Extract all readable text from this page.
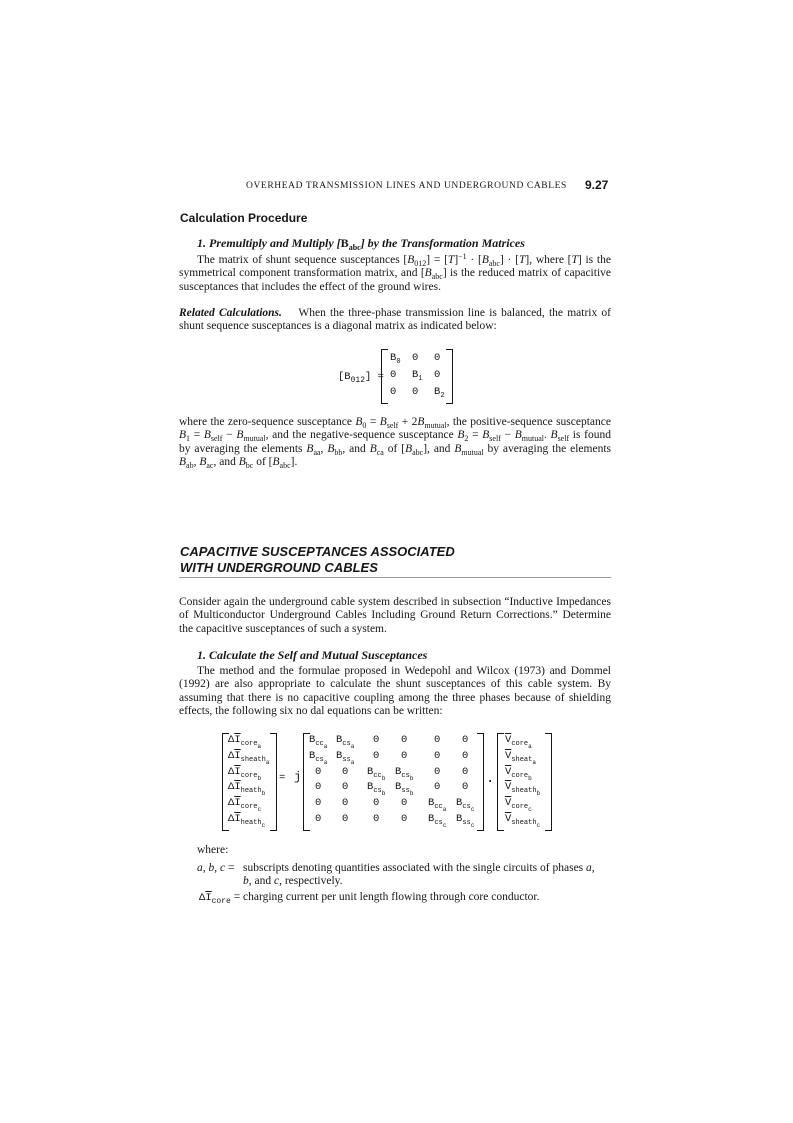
OVERHEAD TRANSMISSION LINES AND UNDERGROUND CABLES 9.27
Calculation Procedure
1. Premultiply and Multiply $[B_{abc}]$ by the Transformation Matrices
The matrix of shunt sequence susceptances $[B_{012}] = [T]^{-1} \cdot [B_{abc}] \cdot [T]$, where [T] is the symmetrical component transformation matrix, and $[B_{abc}]$ is the reduced matrix of capacitive susceptances that includes the effect of the ground wires.
Related Calculations. When the three-phase transmission line is balanced, the matrix of shunt sequence susceptances is a diagonal matrix as indicated below:
$[B_{012}]$ =
$B_0$ 0 0
0 $B_1$ 0
0 0 $B_2$
where the zero-sequence susceptance $B_0 = B_{self} + 2B_{mutual}$, the positive-sequence susceptance $B_1 = B_{self} - B_{mutual}$, and the negative-sequence susceptance $B_2 = B_{self} - B_{mutual}$. $B_{self}$ is found by averaging the elements $B_{aa}$, $B_{bb}$, and $B_{ca}$ of $[B_{abc}]$, and $B_{mutual}$ by averaging the elements $B_{ab}$, $B_{ac}$, and $B_{bc}$ of $[B_{abc}]$.
CAPACITIVE SUSCEPTANCES ASSOCIATED
WITH UNDERGROUND CABLES
Consider again the underground cable system described in subsection “Inductive Impedances of Multiconductor Underground Cables Including Ground Return Corrections.” Determine the capacitive susceptances of such a system.
1. Calculate the Self and Mutual Susceptances
The method and the formulae proposed in Wedepohl and Wilcox (1973) and Dommel (1992) are also appropriate to calculate the shunt susceptances of this cable system. By assuming that there is no capacitive coupling among the three phases because of shielding effects, the following six no dal equations can be written:
$\Delta\overline{I}_{core_a}$
$\Delta\overline{I}_{sheath_a}$
$\Delta\overline{I}_{core_b}$
$\Delta\overline{I}_{heath_b}$
$\Delta\overline{I}_{core_c}$
$\Delta\overline{I}_{heath_c}$
= j
$B_{cc_a}$
$B_{cs_a}$
0 0	0 0
$B_{cs_a}$
$B_{ss_a}$
0 0	0 0
0 0 $B_{cc_b}$
$B_{cs_b}$
0 0
0 0 $B_{cs_b}$
$B_{ss_b}$
0 0
0 0 0 0 $B_{cc_a}$
$B_{cs_c}$
0 0 0 0 $B_{cs_c}$
$B_{ss_c}$
·
$\overline{V}_{core_a}$
$\overline{V}_{sheat_a}$
$\overline{V}_{core_b}$
$\overline{V}_{sheath_b}$
$\overline{V}_{core_c}$
$\overline{V}_{sheath_c}$
where:
a, b, c = subscripts denoting quantities associated with the single circuits of phases a,
b, and c, respectively.
$\Delta\overline{I}_{core}$ = charging current per unit length flowing through core conductor.
